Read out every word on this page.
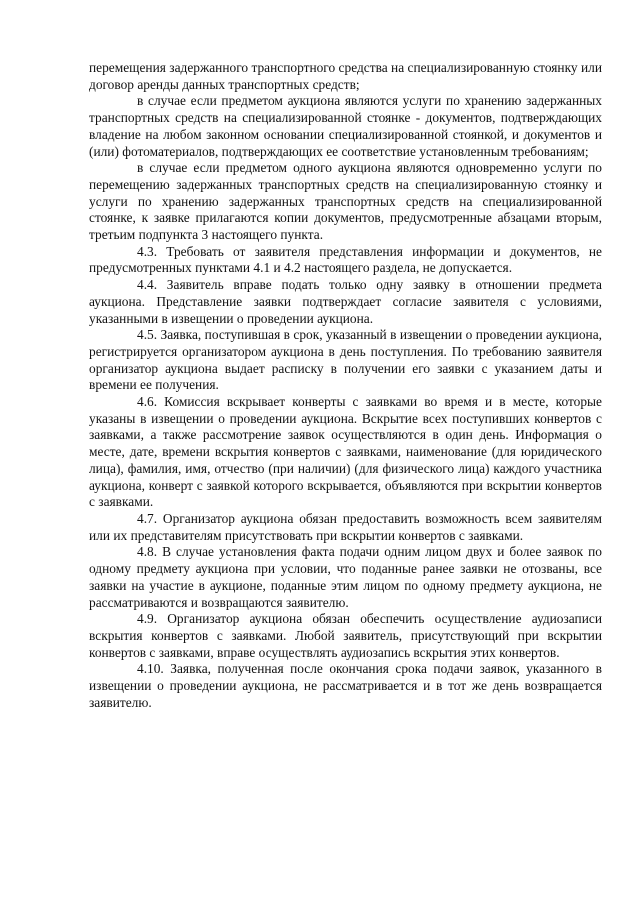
перемещения задержанного транспортного средства на специализированную стоянку или договор аренды данных транспортных средств;

в случае если предметом аукциона являются услуги по хранению задержанных транспортных средств на специализированной стоянке - документов, подтверждающих владение на любом законном основании специализированной стоянкой, и документов и (или) фотоматериалов, подтверждающих ее соответствие установленным требованиям;

в случае если предметом одного аукциона являются одновременно услуги по перемещению задержанных транспортных средств на специализированную стоянку и услуги по хранению задержанных транспортных средств на специализированной стоянке, к заявке прилагаются копии документов, предусмотренные абзацами вторым, третьим подпункта 3 настоящего пункта.

4.3. Требовать от заявителя представления информации и документов, не предусмотренных пунктами 4.1 и 4.2 настоящего раздела, не допускается.

4.4. Заявитель вправе подать только одну заявку в отношении предмета аукциона. Представление заявки подтверждает согласие заявителя с условиями, указанными в извещении о проведении аукциона.

4.5. Заявка, поступившая в срок, указанный в извещении о проведении аукциона, регистрируется организатором аукциона в день поступления. По требованию заявителя организатор аукциона выдает расписку в получении его заявки с указанием даты и времени ее получения.

4.6. Комиссия вскрывает конверты с заявками во время и в месте, которые указаны в извещении о проведении аукциона. Вскрытие всех поступивших конвертов с заявками, а также рассмотрение заявок осуществляются в один день. Информация о месте, дате, времени вскрытия конвертов с заявками, наименование (для юридического лица), фамилия, имя, отчество (при наличии) (для физического лица) каждого участника аукциона, конверт с заявкой которого вскрывается, объявляются при вскрытии конвертов с заявками.

4.7. Организатор аукциона обязан предоставить возможность всем заявителям или их представителям присутствовать при вскрытии конвертов с заявками.

4.8. В случае установления факта подачи одним лицом двух и более заявок по одному предмету аукциона при условии, что поданные ранее заявки не отозваны, все заявки на участие в аукционе, поданные этим лицом по одному предмету аукциона, не рассматриваются и возвращаются заявителю.

4.9. Организатор аукциона обязан обеспечить осуществление аудиозаписи вскрытия конвертов с заявками. Любой заявитель, присутствующий при вскрытии конвертов с заявками, вправе осуществлять аудиозапись вскрытия этих конвертов.

4.10. Заявка, полученная после окончания срока подачи заявок, указанного в извещении о проведении аукциона, не рассматривается и в тот же день возвращается заявителю.
